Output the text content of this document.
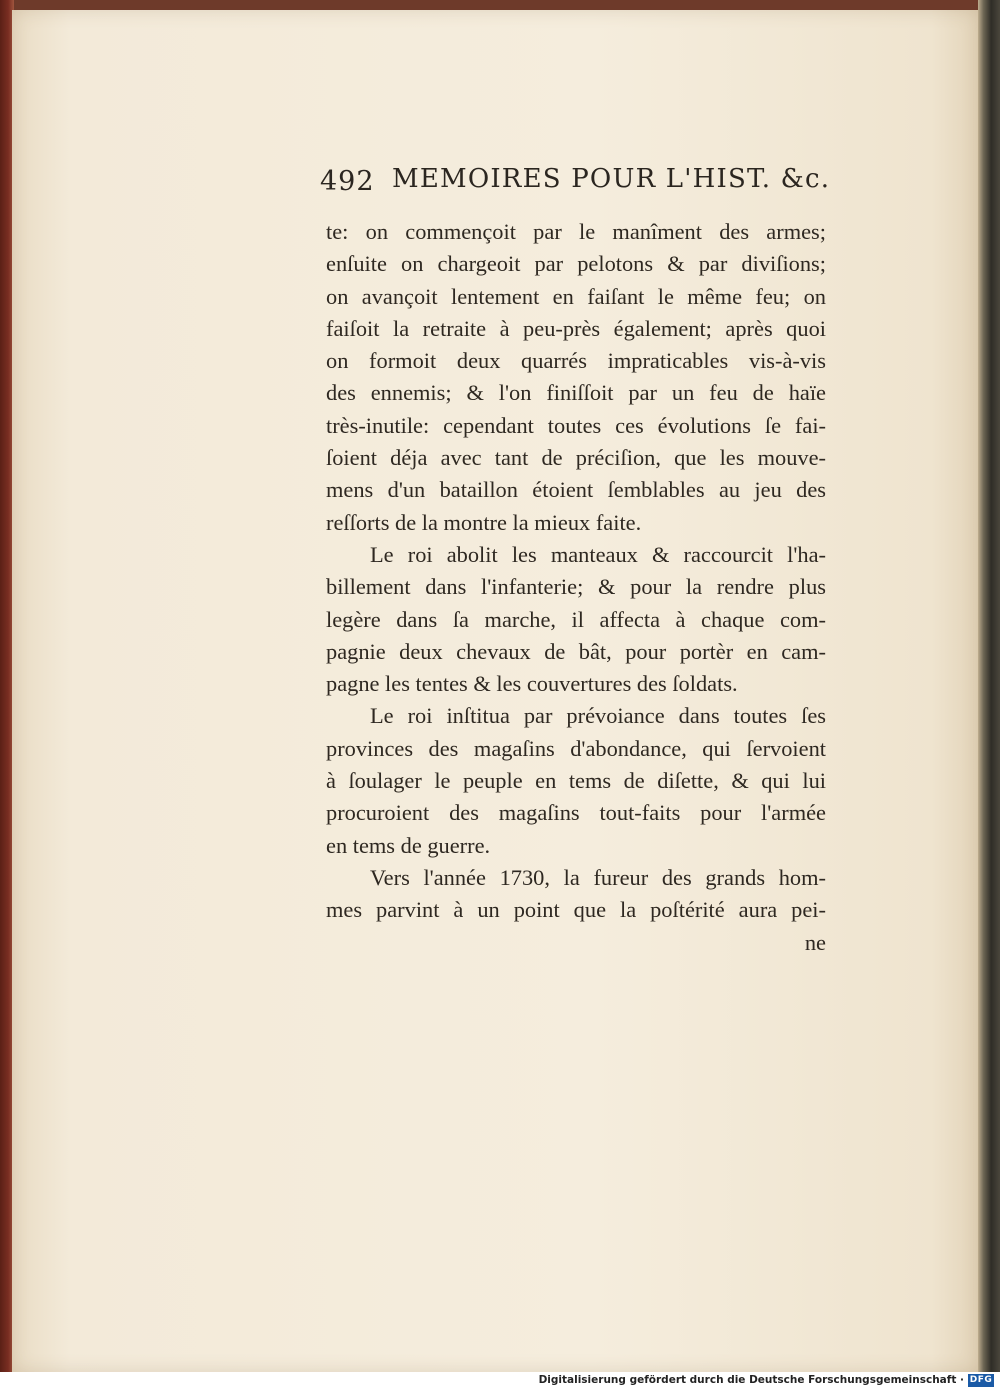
492 MEMOIRES POUR L'HIST. &c.
te: on commençoit par le manîment des armes;
enſuite on chargeoit par pelotons & par diviſions;
on avançoit lentement en faiſant le même feu; on
faiſoit la retraite à peu-près également; après quoi
on formoit deux quarrés impraticables vis-à-vis
des ennemis; & l'on finiſſoit par un feu de haïe
très-inutile: cependant toutes ces évolutions ſe fai-
ſoient déja avec tant de préciſion, que les mouve-
mens d'un bataillon étoient ſemblables au jeu des
reſſorts de la montre la mieux faite.
Le roi abolit les manteaux & raccourcit l'ha-
billement dans l'infanterie; & pour la rendre plus
legère dans ſa marche, il affecta à chaque com-
pagnie deux chevaux de bât, pour portèr en cam-
pagne les tentes & les couvertures des ſoldats.
Le roi inſtitua par prévoiance dans toutes ſes
provinces des magaſins d'abondance, qui ſervoient
à ſoulager le peuple en tems de diſette, & qui lui
procuroient des magaſins tout-faits pour l'armée
en tems de guerre.
Vers l'année 1730, la fureur des grands hom-
mes parvint à un point que la poſtérité aura pei-
ne
Digitalisierung gefördert durch die Deutsche Forschungsgemeinschaft · DFG
